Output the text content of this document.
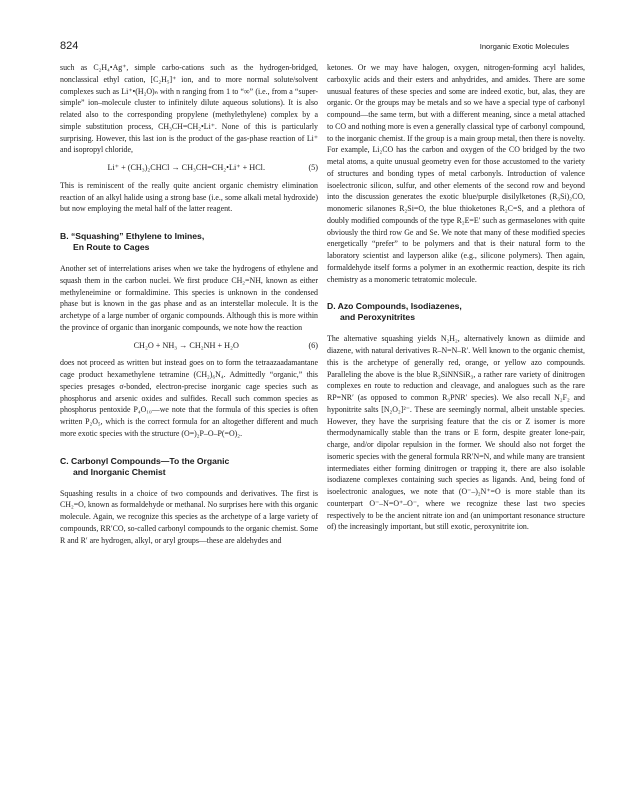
824	Inorganic Exotic Molecules

such as C₂H₄•Ag⁺, simple carbo-cations such as the hydrogen-bridged, nonclassical ethyl cation, [C₂H₅]⁺ ion, and to more normal solute/solvent complexes such as Li⁺•(H₂O)ₙ with n ranging from 1 to “∞” (i.e., from a “super-simple” ion–molecule cluster to infinitely dilute aqueous solutions). It is also related also to the corresponding propylene (methylethylene) complex by a simple substitution process, CH₃CH=CH₂•Li⁺. None of this is particularly surprising. However, this last ion is the product of the gas-phase reaction of Li⁺ and isopropyl chloride,

Li⁺ + (CH₃)₂CHCl → CH₃CH=CH₂•Li⁺ + HCl.	(5)

This is reminiscent of the really quite ancient organic chemistry elimination reaction of an alkyl halide using a strong base (i.e., some alkali metal hydroxide) but now employing the metal half of the latter reagent.

B. “Squashing” Ethylene to Imines,
En Route to Cages

Another set of interrelations arises when we take the hydrogens of ethylene and squash them in the carbon nuclei. We first produce CH₂=NH, known as either methyleneimine or formaldimine. This species is unknown in the condensed phase but is known in the gas phase and as an interstellar molecule. It is the archetype of a large number of organic compounds. Although this is more within the province of organic than inorganic compounds, we note how the reaction

CH₂O + NH₃ → CH₂NH + H₂O	(6)

does not proceed as written but instead goes on to form the tetraazaadamantane cage product hexamethylene tetramine (CH₂)₆N₄. Admittedly “organic,” this species presages σ-bonded, electron-precise inorganic cage species such as phosphorus and arsenic oxides and sulfides. Recall such common species as phosphorus pentoxide P₄O₁₀—we note that the formula of this species is often written P₂O₅, which is the correct formula for an altogether different and much more exotic species with the structure (O=)₂P–O–P(=O)₂.

C. Carbonyl Compounds—To the Organic
and Inorganic Chemist

Squashing results in a choice of two compounds and derivatives. The first is CH₂=O, known as formaldehyde or methanal. No surprises here with this organic molecule. Again, we recognize this species as the archetype of a large variety of compounds, RR′CO, so-called carbonyl compounds to the organic chemist. Some R and R′ are hydrogen, alkyl, or aryl groups—these are aldehydes and

ketones. Or we may have halogen, oxygen, nitrogen-forming acyl halides, carboxylic acids and their esters and anhydrides, and amides. There are some unusual features of these species and some are indeed exotic, but, alas, they are organic. Or the groups may be metals and so we have a special type of carbonyl compound—the same term, but with a different meaning, since a metal attached to CO and nothing more is even a generally classical type of carbonyl compound, to the inorganic chemist. If the group is a main group metal, then there is novelty. For example, Li₂CO has the carbon and oxygen of the CO bridged by the two metal atoms, a quite unusual geometry even for those accustomed to the variety of structures and bonding types of metal carbonyls. Introduction of valence isoelectronic silicon, sulfur, and other elements of the second row and beyond into the discussion generates the exotic blue/purple disilylketones (R₃Si)₂CO, monomeric silanones R₂Si=O, the blue thioketones R₂C=S, and a plethora of doubly modified compounds of the type R₂E=E′ such as germaselones with quite obviously the third row Ge and Se. We note that many of these modified species energetically “prefer” to be polymers and that is their natural form to the laboratory scientist and layperson alike (e.g., silicone polymers). Then again, formaldehyde itself forms a polymer in an exothermic reaction, despite its rich chemistry as a monomeric tetratomic molecule.

D. Azo Compounds, Isodiazenes,
and Peroxynitrites

The alternative squashing yields N₂H₂, alternatively known as diimide and diazene, with natural derivatives R–N=N–R′. Well known to the organic chemist, this is the archetype of generally red, orange, or yellow azo compounds. Paralleling the above is the blue R₃SiNNSiR₃, a rather rare variety of dinitrogen complexes en route to reduction and cleavage, and analogues such as the rare RP=NR′ (as opposed to common R₃PNR′ species). We also recall N₂F₂ and hyponitrite salts [N₂O₂]²⁻. These are seemingly normal, albeit unstable species. However, they have the surprising feature that the cis or Z isomer is more thermodynamically stable than the trans or E form, despite greater lone-pair, charge, and/or dipolar repulsion in the former. We should also not forget the isomeric species with the general formula RR′N=N, and while many are transient intermediates either forming dinitrogen or trapping it, there are also isolable isodiazene complexes containing such species as ligands. And, being fond of isoelectronic analogues, we note that (O⁻–)₂N⁺=O is more stable than its counterpart O⁻–N=O⁺–O⁻, where we recognize these last two species respectively to be the ancient nitrate ion and (an unimportant resonance structure of) the increasingly important, but still exotic, peroxynitrite ion.
